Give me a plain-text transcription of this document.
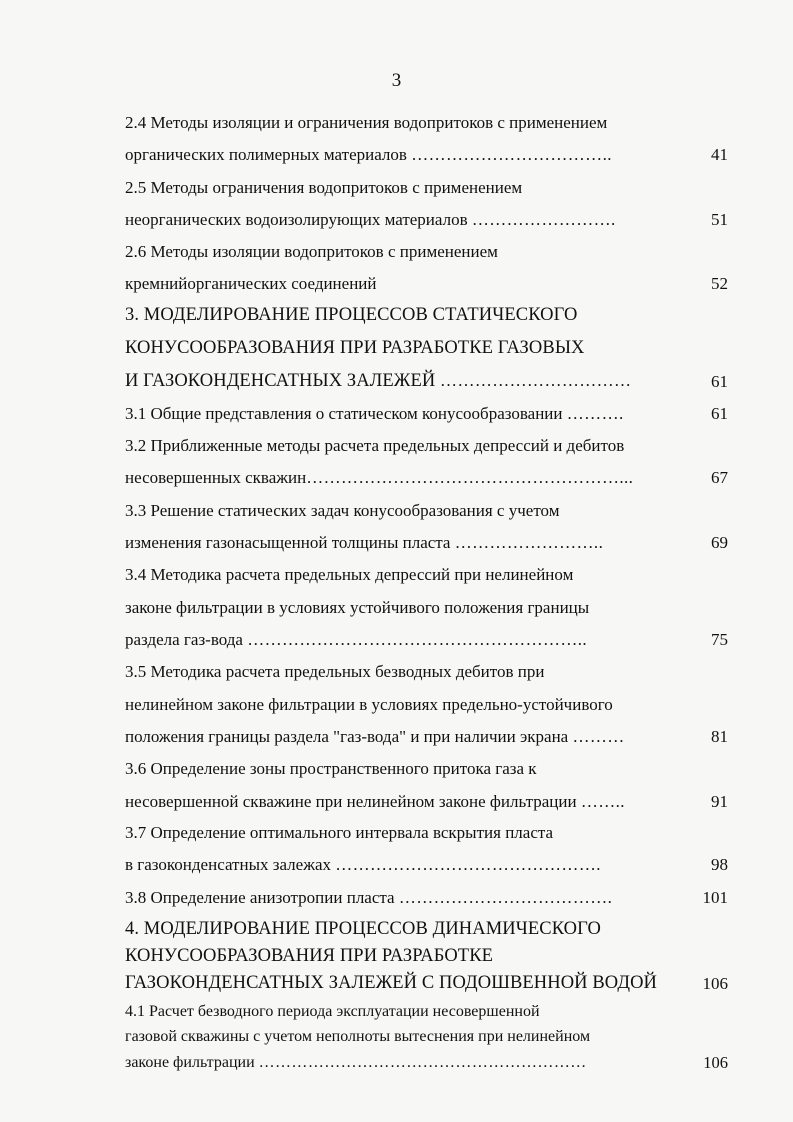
3
2.4 Методы изоляции и ограничения водопритоков с применением
органических полимерных материалов ……………………………..	41
2.5 Методы ограничения водопритоков с применением
неорганических водоизолирующих материалов …………………….	51
2.6 Методы изоляции водопритоков с применением
кремнийорганических соединений	52
3. МОДЕЛИРОВАНИЕ ПРОЦЕССОВ СТАТИЧЕСКОГО
КОНУСООБРАЗОВАНИЯ ПРИ РАЗРАБОТКЕ ГАЗОВЫХ
И ГАЗОКОНДЕНСАТНЫХ ЗАЛЕЖЕЙ ……………………………	61
3.1 Общие представления о статическом конусообразовании ……….	61
3.2 Приближенные методы расчета предельных депрессий и дебитов
несовершенных скважин………………………………………………...	67
3.3 Решение статических задач конусообразования с учетом
изменения газонасыщенной толщины пласта ……………………..	69
3.4 Методика расчета предельных депрессий при нелинейном
законе фильтрации в условиях устойчивого положения границы
раздела газ-вода …………………………………………………..	75
3.5 Методика расчета предельных безводных дебитов при
нелинейном законе фильтрации в условиях предельно-устойчивого
положения границы раздела "газ-вода" и при наличии экрана ………	81
3.6 Определение зоны пространственного притока газа к
несовершенной скважине при нелинейном законе фильтрации ……..	91
3.7 Определение оптимального интервала вскрытия пласта
в газоконденсатных залежах ……………………………………….	98
3.8 Определение анизотропии пласта ……………………………….	101
4. МОДЕЛИРОВАНИЕ ПРОЦЕССОВ ДИНАМИЧЕСКОГО
КОНУСООБРАЗОВАНИЯ ПРИ РАЗРАБОТКЕ
ГАЗОКОНДЕНСАТНЫХ ЗАЛЕЖЕЙ С ПОДОШВЕННОЙ ВОДОЙ	106
4.1 Расчет безводного периода эксплуатации несовершенной
газовой скважины с учетом неполноты вытеснения при нелинейном
законе фильтрации ……………………………………………………	106
